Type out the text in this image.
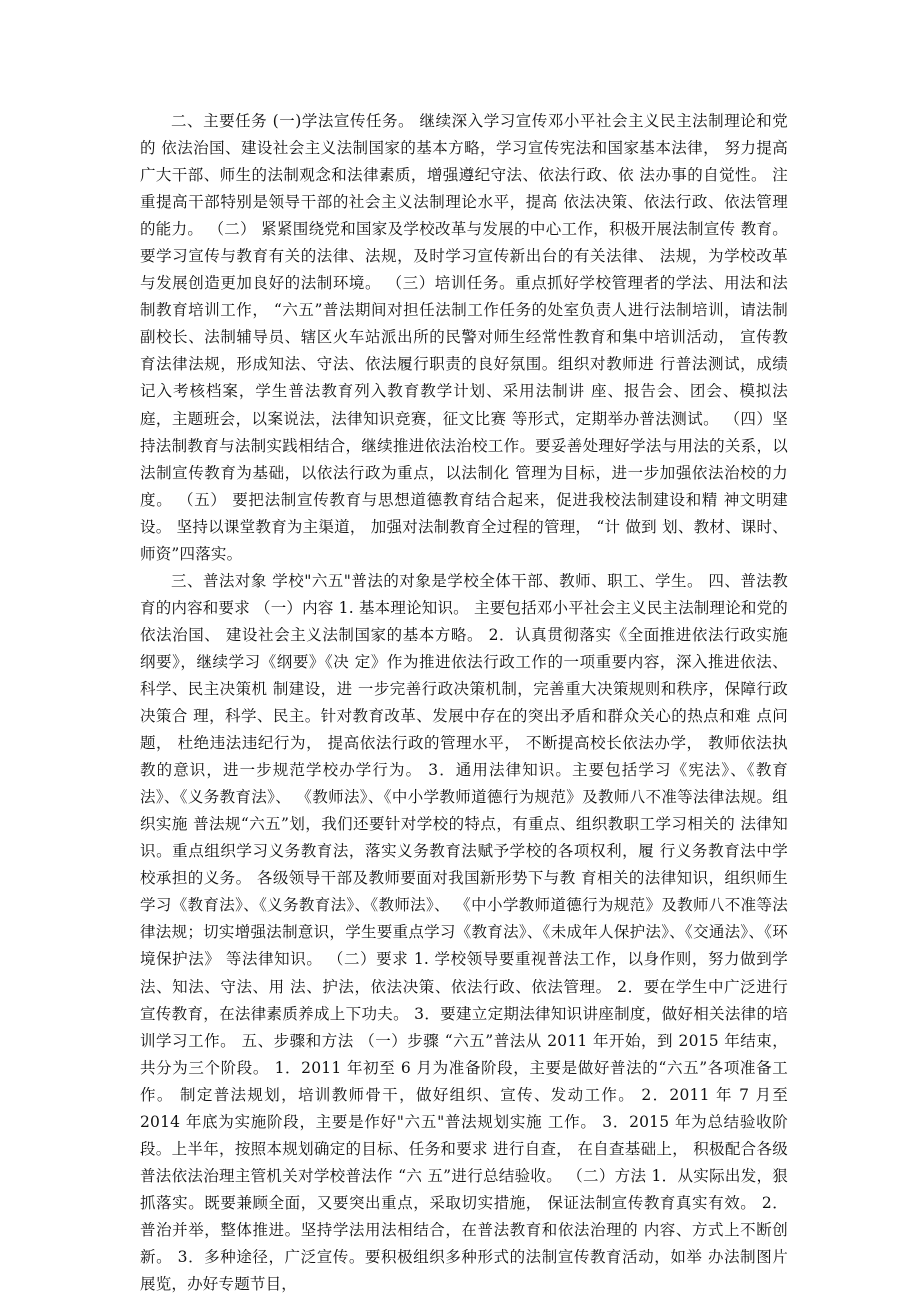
二、主要任务 (一)学法宣传任务。 继续深入学习宣传邓小平社会主义民主法制理论和党的 依法治国、建设社会主义法制国家的基本方略，学习宣传宪法和国家基本法律， 努力提高广大干部、师生的法制观念和法律素质，增强遵纪守法、依法行政、依 法办事的自觉性。 注重提高干部特别是领导干部的社会主义法制理论水平，提高 依法决策、依法行政、依法管理的能力。 （二） 紧紧围绕党和国家及学校改革与发展的中心工作，积极开展法制宣传 教育。要学习宣传与教育有关的法律、法规，及时学习宣传新出台的有关法律、 法规，为学校改革与发展创造更加良好的法制环境。 （三）培训任务。重点抓好学校管理者的学法、用法和法制教育培训工作， “六五”普法期间对担任法制工作任务的处室负责人进行法制培训，请法制副校长、法制辅导员、辖区火车站派出所的民警对师生经常性教育和集中培训活动， 宣传教育法律法规，形成知法、守法、依法履行职责的良好氛围。组织对教师进 行普法测试，成绩记入考核档案，学生普法教育列入教育教学计划、采用法制讲 座、报告会、团会、模拟法庭，主题班会，以案说法，法律知识竞赛，征文比赛 等形式，定期举办普法测试。 （四）坚持法制教育与法制实践相结合，继续推进依法治校工作。要妥善处理好学法与用法的关系，以法制宣传教育为基础，以依法行政为重点，以法制化 管理为目标，进一步加强依法治校的力度。 （五） 要把法制宣传教育与思想道德教育结合起来，促进我校法制建设和精 神文明建设。 坚持以课堂教育为主渠道， 加强对法制教育全过程的管理， “计 做到 划、教材、课时、师资”四落实。

三、普法对象 学校"六五"普法的对象是学校全体干部、教师、职工、学生。 四、普法教育的内容和要求 （一）内容 1. 基本理论知识。 主要包括邓小平社会主义民主法制理论和党的依法治国、 建设社会主义法制国家的基本方略。 2．认真贯彻落实《全面推进依法行政实施纲要》，继续学习《纲要》《决 定》作为推进依法行政工作的一项重要内容，深入推进依法、科学、民主决策机 制建设，进 一步完善行政决策机制，完善重大决策规则和秩序，保障行政决策合 理，科学、民主。针对教育改革、发展中存在的突出矛盾和群众关心的热点和难 点问题， 杜绝违法违纪行为， 提高依法行政的管理水平， 不断提高校长依法办学， 教师依法执教的意识，进一步规范学校办学行为。 3．通用法律知识。主要包括学习《宪法》、《教育法》、《义务教育法》、 《教师法》、《中小学教师道德行为规范》及教师八不准等法律法规。组织实施 普法规“六五”划，我们还要针对学校的特点，有重点、组织教职工学习相关的 法律知识。重点组织学习义务教育法，落实义务教育法赋予学校的各项权利，履 行义务教育法中学校承担的义务。 各级领导干部及教师要面对我国新形势下与教 育相关的法律知识，组织师生学习《教育法》、《义务教育法》、《教师法》、 《中小学教师道德行为规范》及教师八不准等法律法规；切实增强法制意识，学生要重点学习《教育法》、《未成年人保护法》、《交通法》、《环境保护法》 等法律知识。 （二）要求 1. 学校领导要重视普法工作，以身作则，努力做到学法、知法、守法、用 法、护法，依法决策、依法行政、依法管理。 2．要在学生中广泛进行宣传教育，在法律素质养成上下功夫。 3．要建立定期法律知识讲座制度，做好相关法律的培训学习工作。 五、步骤和方法 （一）步骤 “六五”普法从 2011 年开始，到 2015 年结束，共分为三个阶段。 1．2011 年初至 6 月为准备阶段，主要是做好普法的“六五”各项准备工作。 制定普法规划，培训教师骨干，做好组织、宣传、发动工作。 2．2011 年 7 月至 2014 年底为实施阶段，主要是作好"六五"普法规划实施 工作。 3．2015 年为总结验收阶段。上半年，按照本规划确定的目标、任务和要求 进行自查， 在自查基础上， 积极配合各级普法依法治理主管机关对学校普法作 “六 五”进行总结验收。 （二）方法 1．从实际出发，狠抓落实。既要兼顾全面，又要突出重点，采取切实措施， 保证法制宣传教育真实有效。 2．普治并举，整体推进。坚持学法用法相结合，在普法教育和依法治理的 内容、方式上不断创新。 3．多种途径，广泛宣传。要积极组织多种形式的法制宣传教育活动，如举 办法制图片展览，办好专题节目，
